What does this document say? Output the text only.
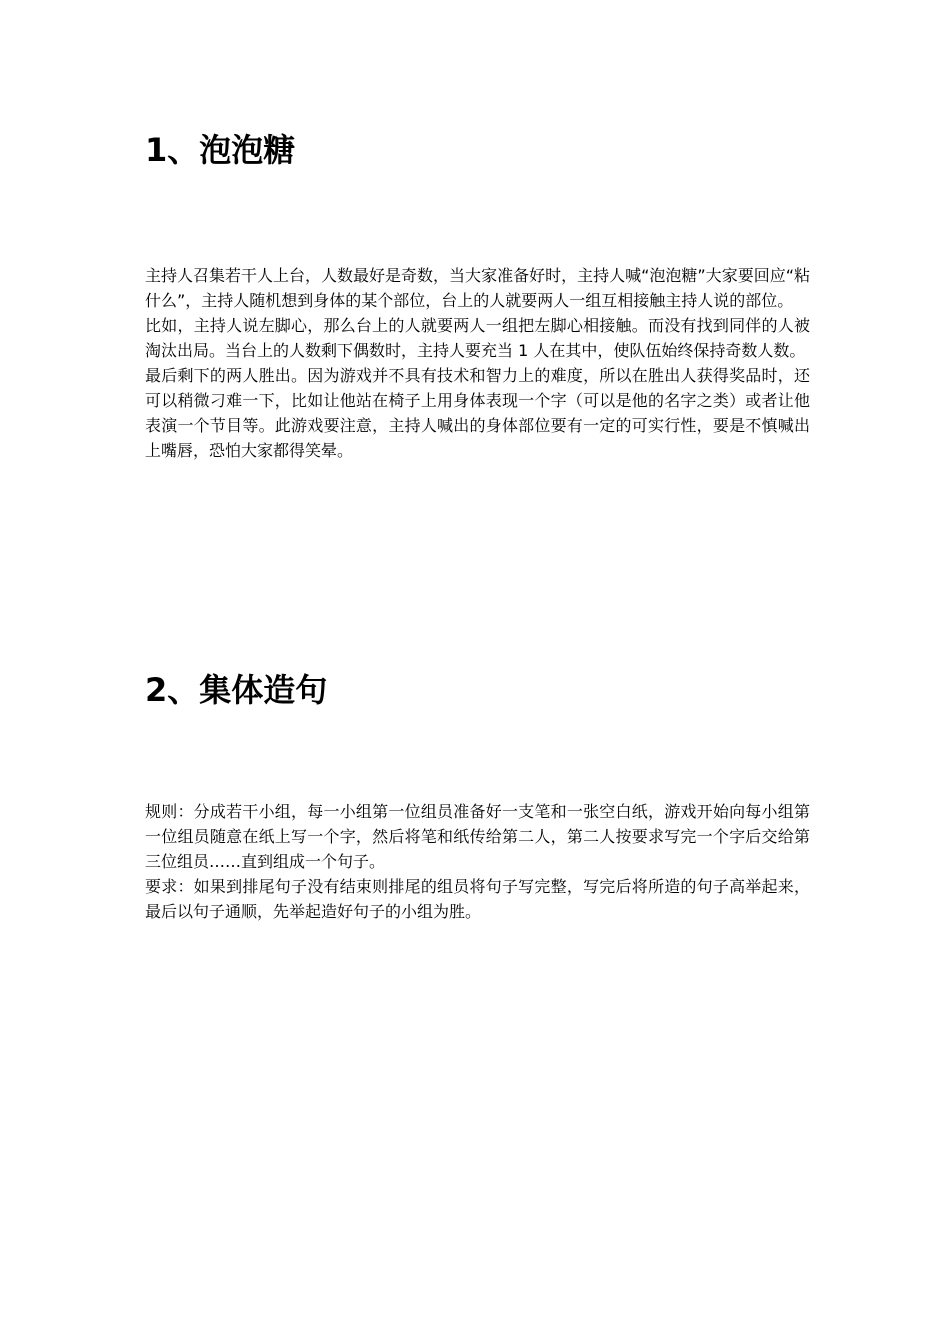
1、泡泡糖

主持人召集若干人上台，人数最好是奇数，当大家准备好时，主持人喊“泡泡糖”大家要回应“粘什么”，主持人随机想到身体的某个部位，台上的人就要两人一组互相接触主持人说的部位。

比如，主持人说左脚心，那么台上的人就要两人一组把左脚心相接触。而没有找到同伴的人被淘汰出局。当台上的人数剩下偶数时，主持人要充当 1 人在其中，使队伍始终保持奇数人数。

最后剩下的两人胜出。因为游戏并不具有技术和智力上的难度，所以在胜出人获得奖品时，还可以稍微刁难一下，比如让他站在椅子上用身体表现一个字（可以是他的名字之类）或者让他表演一个节目等。此游戏要注意，主持人喊出的身体部位要有一定的可实行性，要是不慎喊出上嘴唇，恐怕大家都得笑晕。

2、集体造句

规则：分成若干小组，每一小组第一位组员准备好一支笔和一张空白纸，游戏开始向每小组第一位组员随意在纸上写一个字，然后将笔和纸传给第二人，第二人按要求写完一个字后交给第三位组员……直到组成一个句子。

要求：如果到排尾句子没有结束则排尾的组员将句子写完整，写完后将所造的句子高举起来，最后以句子通顺，先举起造好句子的小组为胜。
